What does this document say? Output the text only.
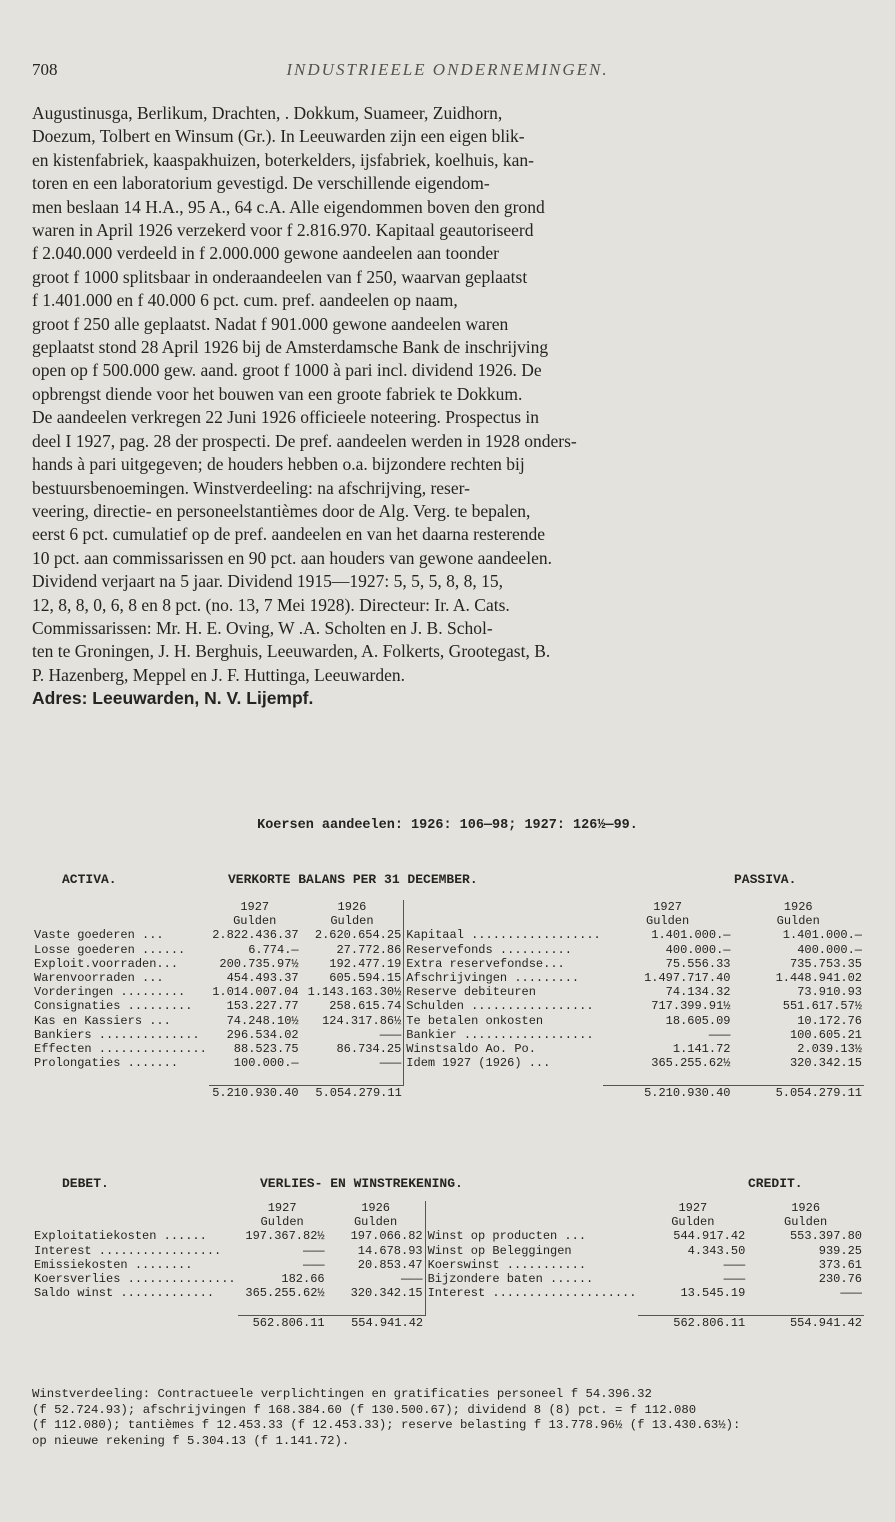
708	INDUSTRIEELE ONDERNEMINGEN.
Augustinusga, Berlikum, Drachten, . Dokkum, Suameer, Zuidhorn,
Doezum, Tolbert en Winsum (Gr.). In Leeuwarden zijn een eigen blik-
en kistenfabriek, kaaspakhuizen, boterkelders, ijsfabriek, koelhuis, kan-
toren en een laboratorium gevestigd. De verschillende eigendom-
men beslaan 14 H.A., 95 A., 64 c.A. Alle eigendommen boven den grond
waren in April 1926 verzekerd voor f 2.816.970. Kapitaal geautoriseerd
f 2.040.000 verdeeld in f 2.000.000 gewone aandeelen aan toonder
groot f 1000 splitsbaar in onderaandeelen van f 250, waarvan geplaatst
f 1.401.000 en f 40.000 6 pct. cum. pref. aandeelen op naam,
groot f 250 alle geplaatst. Nadat f 901.000 gewone aandeelen waren
geplaatst stond 28 April 1926 bij de Amsterdamsche Bank de inschrijving
open op f 500.000 gew. aand. groot f 1000 à pari incl. dividend 1926. De
opbrengst diende voor het bouwen van een groote fabriek te Dokkum.
De aandeelen verkregen 22 Juni 1926 officieele noteering. Prospectus in
deel I 1927, pag. 28 der prospecti. De pref. aandeelen werden in 1928 onders-
hands à pari uitgegeven; de houders hebben o.a. bijzondere rechten bij
bestuursbenoemingen. Winstverdeeling: na afschrijving, reser-
veering, directie- en personeelstantièmes door de Alg. Verg. te bepalen,
eerst 6 pct. cumulatief op de pref. aandeelen en van het daarna resterende
10 pct. aan commissarissen en 90 pct. aan houders van gewone aandeelen.
Dividend verjaart na 5 jaar. Dividend 1915—1927: 5, 5, 5, 8, 8, 15,
12, 8, 8, 0, 6, 8 en 8 pct. (no. 13, 7 Mei 1928). Directeur: Ir. A. Cats.
Commissarissen: Mr. H. E. Oving, W .A. Scholten en J. B. Schol-
ten te Groningen, J. H. Berghuis, Leeuwarden, A. Folkerts, Grootegast, B.
P. Hazenberg, Meppel en J. F. Huttinga, Leeuwarden.
Adres: Leeuwarden, N. V. Lijempf.
Koersen aandeelen: 1926: 106—98; 1927: 126½—99.
ACTIVA.	VERKORTE BALANS PER 31 DECEMBER.	PASSIVA.
	1927	1926		1927	1926
	Gulden	Gulden		Gulden	Gulden
Vaste goederen ...	2.822.436.37	2.620.654.25	Kapitaal ..................	1.401.000.—	1.401.000.—
Losse goederen ......	6.774.—	27.772.86	Reservefonds ..........	400.000.—	400.000.—
Exploit.voorraden...	200.735.97½	192.477.19	Extra reservefondse...	75.556.33	735.753.35
Warenvoorraden ...	454.493.37	605.594.15	Afschrijvingen .........	1.497.717.40	1.448.941.02
Vorderingen .........	1.014.007.04	1.143.163.30½	Reserve debiteuren	74.134.32	73.910.93
Consignaties .........	153.227.77	258.615.74	Schulden .................	717.399.91½	551.617.57½
Kas en Kassiers ...	74.248.10½	124.317.86½	Te betalen onkosten	18.605.09	10.172.76
Bankiers ..............	296.534.02	———	Bankier ..................	———	100.605.21
Effecten ...............	88.523.75	86.734.25	Winstsaldo Ao. Po.	1.141.72	2.039.13½
Prolongaties .......	100.000.—	———	Idem 1927 (1926) ...	365.255.62½	320.342.15

	5.210.930.40	5.054.279.11		5.210.930.40	5.054.279.11
DEBET.	VERLIES- EN WINSTREKENING.	CREDIT.
	1927	1926		1927	1926
	Gulden	Gulden		Gulden	Gulden
Exploitatiekosten ......	197.367.82½	197.066.82	Winst op producten ...	544.917.42	553.397.80
Interest .................	———	14.678.93	Winst op Beleggingen	4.343.50	939.25
Emissiekosten ........	———	20.853.47	Koerswinst ...........	———	373.61
Koersverlies ...............	182.66	———	Bijzondere baten ......	———	230.76
Saldo winst .............	365.255.62½	320.342.15	Interest ....................	13.545.19	———

	562.806.11	554.941.42		562.806.11	554.941.42
Winstverdeeling: Contractueele verplichtingen en gratificaties personeel f 54.396.32
(f 52.724.93); afschrijvingen f 168.384.60 (f 130.500.67); dividend 8 (8) pct. = f 112.080
(f 112.080); tantièmes f 12.453.33 (f 12.453.33); reserve belasting f 13.778.96½ (f 13.430.63½):
op nieuwe rekening f 5.304.13 (f 1.141.72).
